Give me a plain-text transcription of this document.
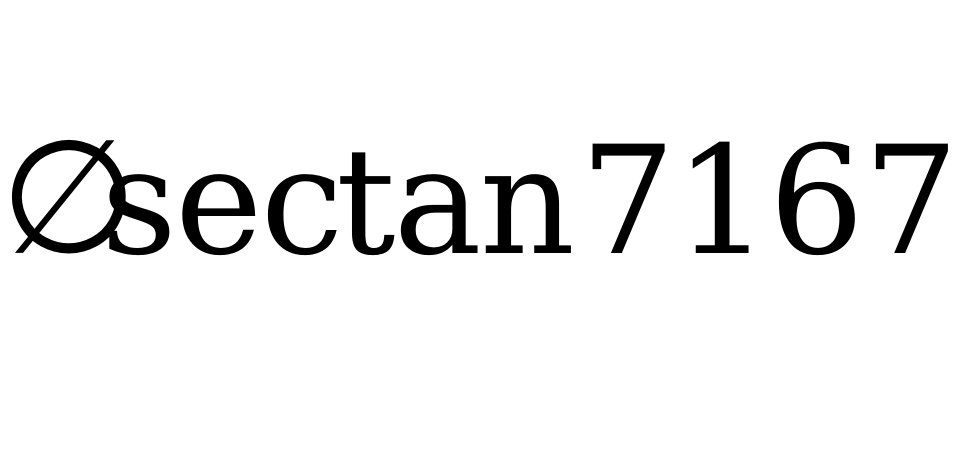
∅
sec
tan 7167
